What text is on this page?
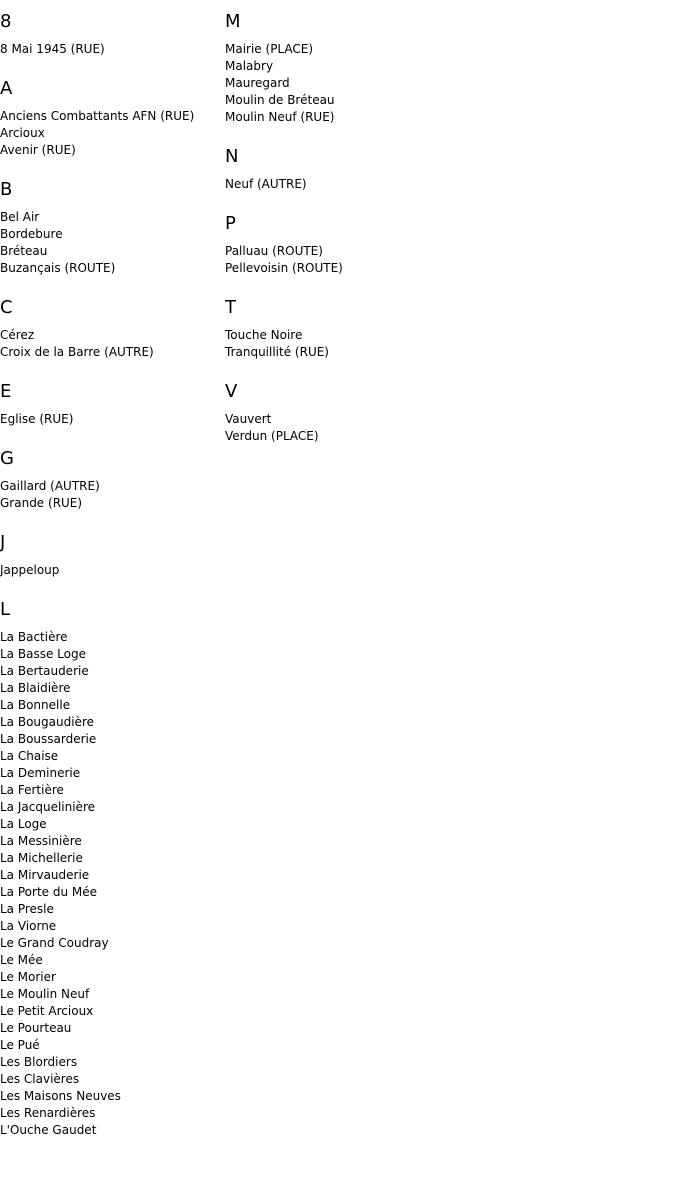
8
8 Mai 1945 (RUE)
A
Anciens Combattants AFN (RUE)
Arcioux
Avenir (RUE)
B
Bel Air
Bordebure
Bréteau
Buzançais (ROUTE)
C
Cérez
Croix de la Barre (AUTRE)
E
Eglise (RUE)
G
Gaillard (AUTRE)
Grande (RUE)
J
Jappeloup
L
La Bactière
La Basse Loge
La Bertauderie
La Blaidière
La Bonnelle
La Bougaudière
La Boussarderie
La Chaise
La Deminerie
La Fertière
La Jacquelinière
La Loge
La Messinière
La Michellerie
La Mirvauderie
La Porte du Mée
La Presle
La Viorne
Le Grand Coudray
Le Mée
Le Morier
Le Moulin Neuf
Le Petit Arcioux
Le Pourteau
Le Pué
Les Blordiers
Les Clavières
Les Maisons Neuves
Les Renardières
L'Ouche Gaudet
M
Mairie (PLACE)
Malabry
Mauregard
Moulin de Bréteau
Moulin Neuf (RUE)
N
Neuf (AUTRE)
P
Palluau (ROUTE)
Pellevoisin (ROUTE)
T
Touche Noire
Tranquillité (RUE)
V
Vauvert
Verdun (PLACE)
